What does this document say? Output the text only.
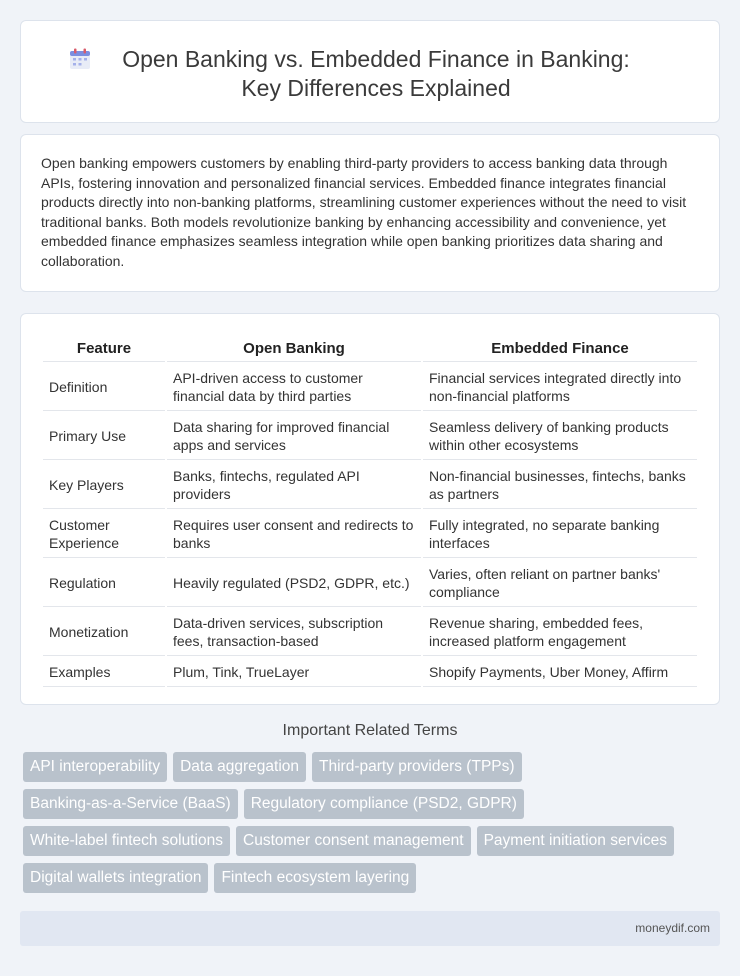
Open Banking vs. Embedded Finance in Banking: Key Differences Explained

Open banking empowers customers by enabling third-party providers to access banking data through APIs, fostering innovation and personalized financial services. Embedded finance integrates financial products directly into non-banking platforms, streamlining customer experiences without the need to visit traditional banks. Both models revolutionize banking by enhancing accessibility and convenience, yet embedded finance emphasizes seamless integration while open banking prioritizes data sharing and collaboration.

Feature	Open Banking	Embedded Finance
Definition	API-driven access to customer financial data by third parties	Financial services integrated directly into non-financial platforms
Primary Use	Data sharing for improved financial apps and services	Seamless delivery of banking products within other ecosystems
Key Players	Banks, fintechs, regulated API providers	Non-financial businesses, fintechs, banks as partners
Customer Experience	Requires user consent and redirects to banks	Fully integrated, no separate banking interfaces
Regulation	Heavily regulated (PSD2, GDPR, etc.)	Varies, often reliant on partner banks' compliance
Monetization	Data-driven services, subscription fees, transaction-based	Revenue sharing, embedded fees, increased platform engagement
Examples	Plum, Tink, TrueLayer	Shopify Payments, Uber Money, Affirm
Important Related Terms
API interoperability	Data aggregation	Third-party providers (TPPs)
Banking-as-a-Service (BaaS)	Regulatory compliance (PSD2, GDPR)
White-label fintech solutions	Customer consent management	Payment initiation services
Digital wallets integration	Fintech ecosystem layering
moneydif.com
